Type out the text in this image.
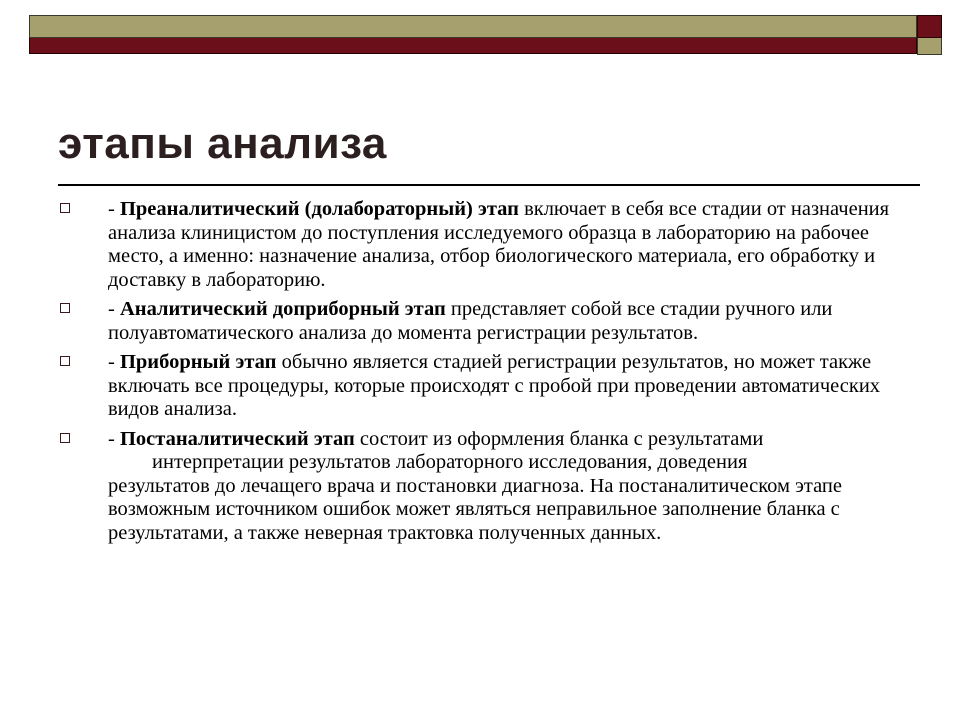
этапы анализа
- Преаналитический (долабораторный) этап включает в себя все стадии от назначения анализа клиницистом до поступления исследуемого образца в лабораторию на рабочее место, а именно: назначение анализа, отбор биологического материала, его обработку и доставку в лабораторию.
- Аналитический доприборный этап представляет собой все стадии ручного или полуавтоматического анализа до момента регистрации результатов.
- Приборный этап обычно является стадией регистрации результатов, но может также включать все процедуры, которые происходят с пробой при проведении автоматических видов анализа.
- Постаналитический этап состоит из оформления бланка с результатами
интерпретации результатов лабораторного исследования, доведения
результатов до лечащего врача и постановки диагноза. На постаналитическом этапе возможным источником ошибок может являться неправильное заполнение бланка с результатами, а также неверная трактовка полученных данных.
